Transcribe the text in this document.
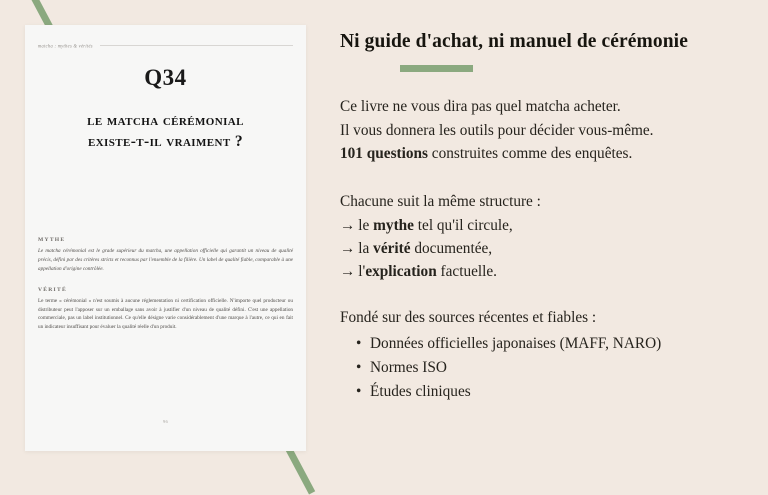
matcha : mythes & vérités
Q34
le matcha cérémonial
existe-t-il vraiment ?
MYTHE
Le matcha cérémonial est le grade supérieur du matcha, une appellation officielle qui garantit un niveau de qualité précis, défini par des critères stricts et reconnus par l'ensemble de la filière. Un label de qualité fiable, comparable à une appellation d'origine contrôlée.
VÉRITÉ
Le terme « cérémonial » n'est soumis à aucune réglementation ni certification officielle. N'importe quel producteur ou distributeur peut l'apposer sur un emballage sans avoir à justifier d'un niveau de qualité défini. C'est une appellation commerciale, pas un label institutionnel. Ce qu'elle désigne varie considérablement d'une marque à l'autre, ce qui en fait un indicateur insuffisant pour évaluer la qualité réelle d'un produit.
96
Ni guide d'achat, ni manuel de cérémonie
Ce livre ne vous dira pas quel matcha acheter.
Il vous donnera les outils pour décider vous-même.
101 questions construites comme des enquêtes.
Chacune suit la même structure :
→ le mythe tel qu'il circule,
→ la vérité documentée,
→ l'explication factuelle.
Fondé sur des sources récentes et fiables :
• Données officielles japonaises (MAFF, NARO)
• Normes ISO
• Études cliniques
